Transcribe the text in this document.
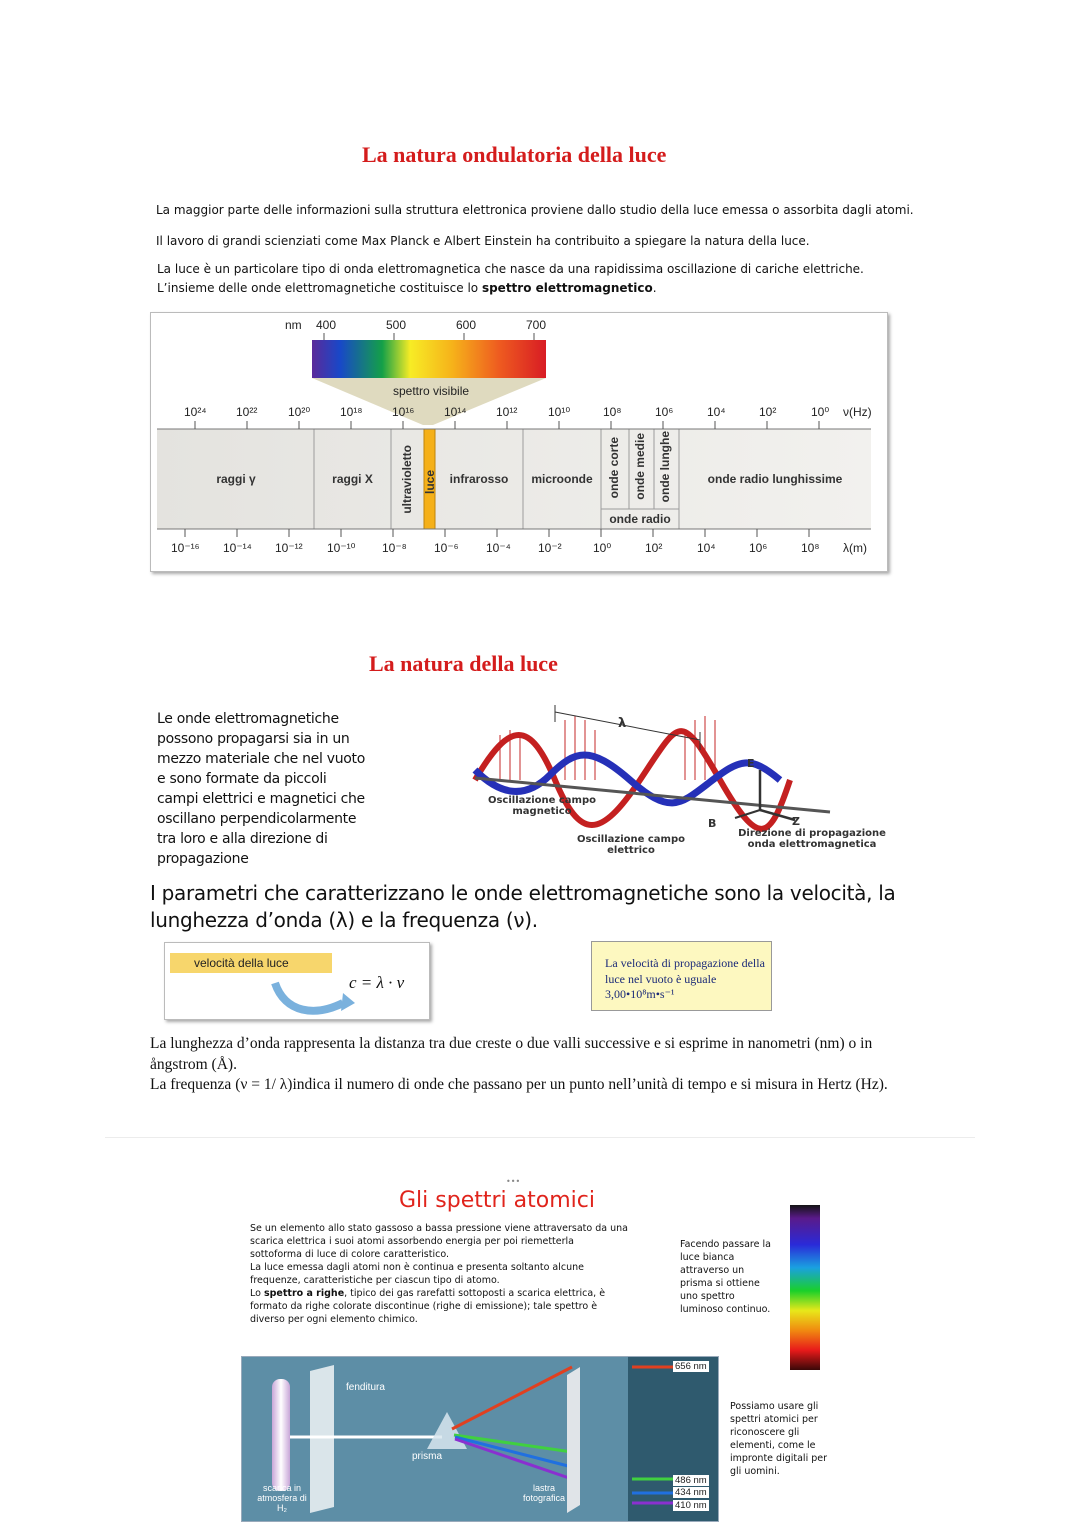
La natura ondulatoria della luce
La maggior parte delle informazioni sulla struttura elettronica proviene dallo studio della luce emessa o assorbita dagli atomi.
Il lavoro di grandi scienziati come Max Planck e Albert Einstein ha contribuito a spiegare la natura della luce.
La luce è un particolare tipo di onda elettromagnetica che nasce da una rapidissima oscillazione di cariche elettriche.
L’insieme delle onde elettromagnetiche costituisce lo spettro elettromagnetico.
nm 400	500	600	700
spettro visibile
10²⁴ 10²²	10²⁰ 10¹⁸ 10¹⁶ 10¹⁴ 10¹²	10¹⁰	10⁸	10⁶	10⁴	10²	10⁰ ν(Hz)
raggi γ	raggi X	ultravioletto luce	infrarosso	microonde	onde corte onde medie onde lunghe
onde radio
onde radio lunghissime
10⁻¹⁶ 10⁻¹⁴ 10⁻¹² 10⁻¹⁰ 10⁻⁸ 10⁻⁶ 10⁻⁴ 10⁻²	10⁰	10²	10⁴	10⁶	10⁸ λ(m)
La natura della luce
Le onde elettromagnetiche possono propagarsi sia in un mezzo materiale che nel vuoto e sono formate da piccoli campi elettrici e magnetici che oscillano perpendicolarmente tra loro e alla direzione di propagazione
λ
E
B	Z
Oscillazione campo magnetico
Oscillazione campo elettrico
Direzione di propagazione onda elettromagnetica
I parametri che caratterizzano le onde elettromagnetiche sono la velocità, la lunghezza d’onda (λ) e la frequenza (ν).
velocità della luce
c = λ · ν
La velocità di propagazione della luce nel vuoto è uguale
3,00•10⁸m•s⁻¹
La lunghezza d’onda rappresenta la distanza tra due creste o due valli successive e si esprime in nanometri (nm) o in ångstrom (Å).
La frequenza (ν = 1/ λ)indica il numero di onde che passano per un punto nell’unità di tempo e si misura in Hertz (Hz).
•••
Gli spettri atomici
Se un elemento allo stato gassoso a bassa pressione viene attraversato da una scarica elettrica i suoi atomi assorbendo energia per poi riemetterla sottoforma di luce di colore caratteristico.
La luce emessa dagli atomi non è continua e presenta soltanto alcune frequenze, caratteristiche per ciascun tipo di atomo.
Lo spettro a righe, tipico dei gas rarefatti sottoposti a scarica elettrica, è formato da righe colorate discontinue (righe di emissione); tale spettro è diverso per ogni elemento chimico.
Facendo passare la luce bianca attraverso un prisma si ottiene uno spettro luminoso continuo.
fenditura
prisma
scarica in atmosfera di H₂
lastra fotografica
656 nm
486 nm
434 nm
410 nm
Possiamo usare gli spettri atomici per riconoscere gli elementi, come le impronte digitali per gli uomini.
